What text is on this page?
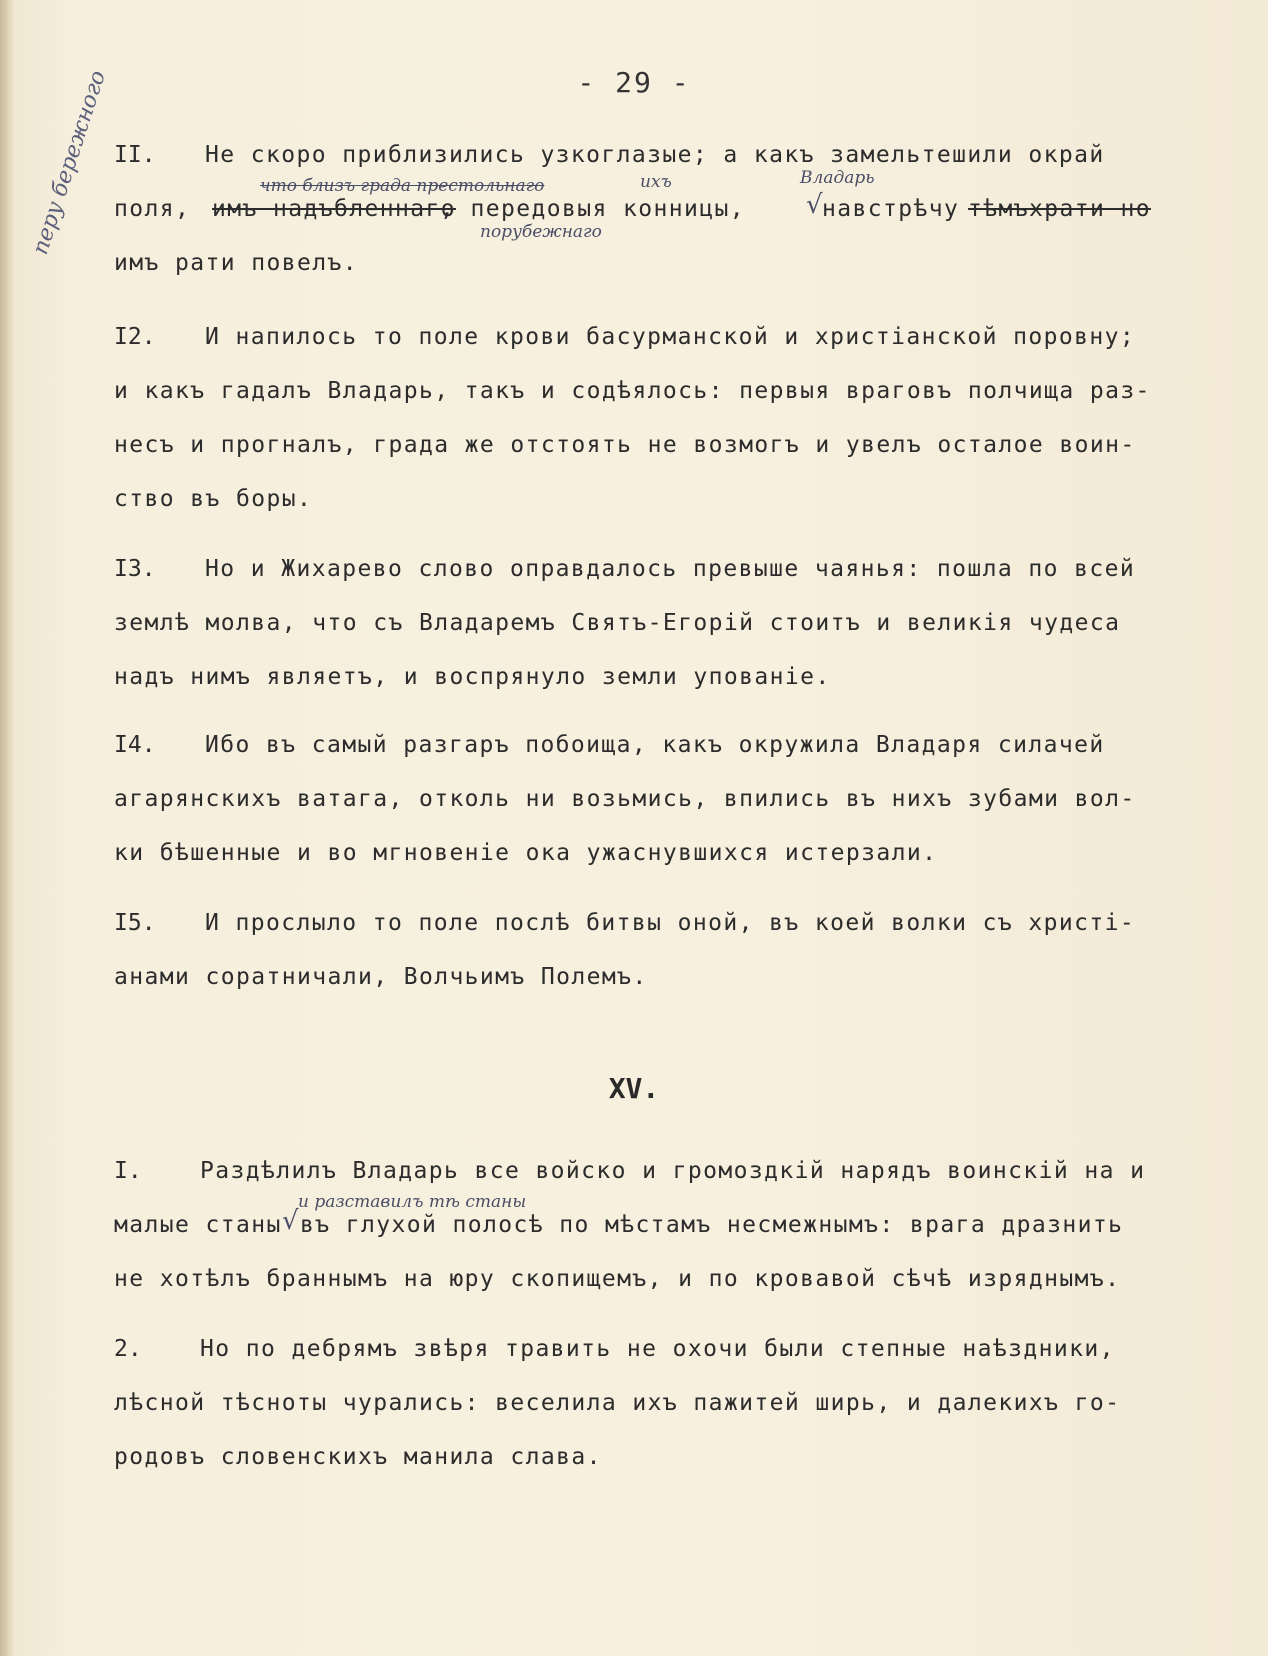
- 29 -
перу бережного II. Не скоро приблизились узкоглазые; а какъ замельтешили окрай
что близъ града престольнаго	ихъ	Владарь
поля, имъ надъбленнаго
, передовыя конницы, √ навстрѣчу тѣмъхрати но
порубежнаго
имъ рати повелъ.
I2. И напилось то поле крови басурманской и христіанской поровну;
и какъ гадалъ Владарь, такъ и содѣялось: первыя враговъ полчища раз-
несъ и прогналъ, града же отстоять не возмогъ и увелъ осталое воин-
ство въ боры.
I3. Но и Жихарево слово оправдалось превыше чаянья: пошла по всей
землѣ молва, что съ Владаремъ Святъ-Егорій стоитъ и великія чудеса
надъ нимъ являетъ, и воспрянуло земли упованіе.
I4. Ибо въ самый разгаръ побоища, какъ окружила Владаря силачей
агарянскихъ ватага, отколь ни возьмись, впились въ нихъ зубами вол-
ки бѣшенные и во мгновеніе ока ужаснувшихся истерзали.
I5. И прослыло то поле послѣ битвы оной, въ коей волки съ христі-
анами соратничали, Волчьимъ Полемъ.
XV.
I.	Раздѣлилъ Владарь все войско и громоздкій нарядъ воинскій на и
и разставилъ тѣ станы
малые станы √ въ глухой полосѣ по мѣстамъ несмежнымъ: врага дразнить
не хотѣлъ браннымъ на юру скопищемъ, и по кровавой сѣчѣ изряднымъ.
2.	Но по дебрямъ звѣря травить не охочи были степные наѣздники,
лѣсной тѣсноты чурались: веселила ихъ пажитей ширь, и далекихъ го-
родовъ словенскихъ манила слава.
